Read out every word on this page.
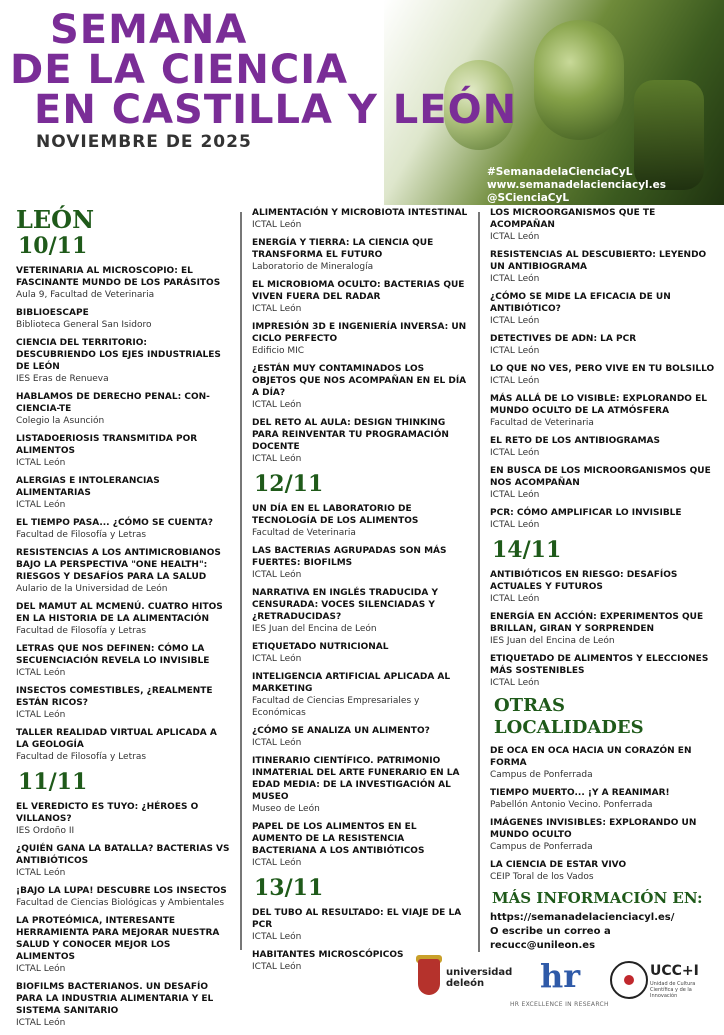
SEMANA
DE LA CIENCIA
EN CASTILLA Y LEÓN
NOVIEMBRE DE 2025
#SemanadelaCienciaCyL
www.semanadelacienciacyl.es
@SCienciaCyL
LEÓN
10/11
VETERINARIA AL MICROSCOPIO: EL FASCINANTE MUNDO DE LOS PARÁSITOS
Aula 9, Facultad de Veterinaria
BIBLIOESCAPE
Biblioteca General San Isidoro
CIENCIA DEL TERRITORIO: DESCUBRIENDO LOS EJES INDUSTRIALES DE LEÓN
IES Eras de Renueva
HABLAMOS DE DERECHO PENAL: CON-CIENCIA-TE
Colegio la Asunción
LISTADOERIOSIS TRANSMITIDA POR ALIMENTOS
ICTAL León
ALERGIAS E INTOLERANCIAS ALIMENTARIAS
ICTAL León
EL TIEMPO PASA... ¿CÓMO SE CUENTA?
Facultad de Filosofía y Letras
RESISTENCIAS A LOS ANTIMICROBIANOS BAJO LA PERSPECTIVA "ONE HEALTH": RIESGOS Y DESAFÍOS PARA LA SALUD
Aulario de la Universidad de León
DEL MAMUT AL MCMENÚ. CUATRO HITOS EN LA HISTORIA DE LA ALIMENTACIÓN
Facultad de Filosofía y Letras
LETRAS QUE NOS DEFINEN: CÓMO LA SECUENCIACIÓN REVELA LO INVISIBLE
ICTAL León
INSECTOS COMESTIBLES, ¿REALMENTE ESTÁN RICOS?
ICTAL León
TALLER REALIDAD VIRTUAL APLICADA A LA GEOLOGÍA
Facultad de Filosofía y Letras
11/11
EL VEREDICTO ES TUYO: ¿HÉROES O VILLANOS?
IES Ordoño II
¿QUIÉN GANA LA BATALLA? BACTERIAS VS ANTIBIÓTICOS
ICTAL León
¡BAJO LA LUPA! DESCUBRE LOS INSECTOS
Facultad de Ciencias Biológicas y Ambientales
LA PROTEÓMICA, INTERESANTE HERRAMIENTA PARA MEJORAR NUESTRA SALUD Y CONOCER MEJOR LOS ALIMENTOS
ICTAL León
BIOFILMS BACTERIANOS. UN DESAFÍO PARA LA INDUSTRIA ALIMENTARIA Y EL SISTEMA SANITARIO
ICTAL León
ALIMENTACIÓN Y MICROBIOTA INTESTINAL
ICTAL León
ENERGÍA Y TIERRA: LA CIENCIA QUE TRANSFORMA EL FUTURO
Laboratorio de Mineralogía
EL MICROBIOMA OCULTO: BACTERIAS QUE VIVEN FUERA DEL RADAR
ICTAL León
IMPRESIÓN 3D E INGENIERÍA INVERSA: UN CICLO PERFECTO
Edificio MIC
¿ESTÁN MUY CONTAMINADOS LOS OBJETOS QUE NOS ACOMPAÑAN EN EL DÍA A DÍA?
ICTAL León
DEL RETO AL AULA: DESIGN THINKING PARA REINVENTAR TU PROGRAMACIÓN DOCENTE
ICTAL León
12/11
UN DÍA EN EL LABORATORIO DE TECNOLOGÍA DE LOS ALIMENTOS
Facultad de Veterinaria
LAS BACTERIAS AGRUPADAS SON MÁS FUERTES: BIOFILMS
ICTAL León
NARRATIVA EN INGLÉS TRADUCIDA Y CENSURADA: VOCES SILENCIADAS Y ¿RETRADUCIDAS?
IES Juan del Encina de León
ETIQUETADO NUTRICIONAL
ICTAL León
INTELIGENCIA ARTIFICIAL APLICADA AL MARKETING
Facultad de Ciencias Empresariales y Económicas
¿CÓMO SE ANALIZA UN ALIMENTO?
ICTAL León
ITINERARIO CIENTÍFICO. PATRIMONIO INMATERIAL DEL ARTE FUNERARIO EN LA EDAD MEDIA: DE LA INVESTIGACIÓN AL MUSEO
Museo de León
PAPEL DE LOS ALIMENTOS EN EL AUMENTO DE LA RESISTENCIA BACTERIANA A LOS ANTIBIÓTICOS
ICTAL León
13/11
DEL TUBO AL RESULTADO: EL VIAJE DE LA PCR
ICTAL León
HABITANTES MICROSCÓPICOS
ICTAL León
LOS MICROORGANISMOS QUE TE ACOMPAÑAN
ICTAL León
RESISTENCIAS AL DESCUBIERTO: LEYENDO UN ANTIBIOGRAMA
ICTAL León
¿CÓMO SE MIDE LA EFICACIA DE UN ANTIBIÓTICO?
ICTAL León
DETECTIVES DE ADN: LA PCR
ICTAL León
LO QUE NO VES, PERO VIVE EN TU BOLSILLO
ICTAL León
MÁS ALLÁ DE LO VISIBLE: EXPLORANDO EL MUNDO OCULTO DE LA ATMÓSFERA
Facultad de Veterinaria
EL RETO DE LOS ANTIBIOGRAMAS
ICTAL León
EN BUSCA DE LOS MICROORGANISMOS QUE NOS ACOMPAÑAN
ICTAL León
PCR: CÓMO AMPLIFICAR LO INVISIBLE
ICTAL León
14/11
ANTIBIÓTICOS EN RIESGO: DESAFÍOS ACTUALES Y FUTUROS
ICTAL León
ENERGÍA EN ACCIÓN: EXPERIMENTOS QUE BRILLAN, GIRAN Y SORPRENDEN
IES Juan del Encina de León
ETIQUETADO DE ALIMENTOS Y ELECCIONES MÁS SOSTENIBLES
ICTAL León
OTRAS LOCALIDADES
DE OCA EN OCA HACIA UN CORAZÓN EN FORMA
Campus de Ponferrada
TIEMPO MUERTO... ¡Y A REANIMAR!
Pabellón Antonio Vecino. Ponferrada
IMÁGENES INVISIBLES: EXPLORANDO UN MUNDO OCULTO
Campus de Ponferrada
LA CIENCIA DE ESTAR VIVO
CEIP Toral de los Vados
MÁS INFORMACIÓN EN:
https://semanadelacienciacyl.es/
O escribe un correo a recucc@unileon.es
universidad
deleón	hr
HR EXCELLENCE IN RESEARCH
UCC+I
Unidad de Cultura Científica y de la Innovación
